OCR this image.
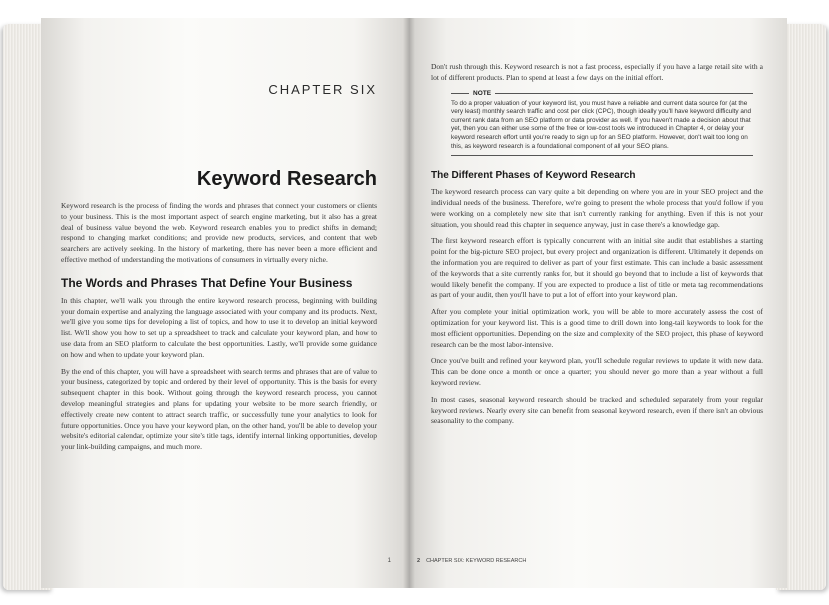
CHAPTER SIX
Keyword Research

Keyword research is the process of finding the words and phrases that connect your customers or clients to your business. This is the most important aspect of search engine marketing, but it also has a great deal of business value beyond the web. Keyword research enables you to predict shifts in demand; respond to changing market conditions; and provide new products, services, and content that web searchers are actively seeking. In the history of marketing, there has never been a more efficient and effective method of understanding the motivations of consumers in virtually every niche.

The Words and Phrases That Define Your Business

In this chapter, we'll walk you through the entire keyword research process, beginning with building your domain expertise and analyzing the language associated with your company and its products. Next, we'll give you some tips for developing a list of topics, and how to use it to develop an initial keyword list. We'll show you how to set up a spreadsheet to track and calculate your keyword plan, and how to use data from an SEO platform to calculate the best opportunities. Lastly, we'll provide some guidance on how and when to update your keyword plan.

By the end of this chapter, you will have a spreadsheet with search terms and phrases that are of value to your business, categorized by topic and ordered by their level of opportunity. This is the basis for every subsequent chapter in this book. Without going through the keyword research process, you cannot develop meaningful strategies and plans for updating your website to be more search friendly, or effectively create new content to attract search traffic, or successfully tune your analytics to look for future opportunities. Once you have your keyword plan, on the other hand, you'll be able to develop your website's editorial calendar, optimize your site's title tags, identify internal linking opportunities, develop your link-building campaigns, and much more.

1

Don't rush through this. Keyword research is not a fast process, especially if you have a large retail site with a lot of different products. Plan to spend at least a few days on the initial effort.

NOTE

To do a proper valuation of your keyword list, you must have a reliable and current data source for (at the very least) monthly search traffic and cost per click (CPC), though ideally you'll have keyword difficulty and current rank data from an SEO platform or data provider as well. If you haven't made a decision about that yet, then you can either use some of the free or low-cost tools we introduced in Chapter 4, or delay your keyword research effort until you're ready to sign up for an SEO platform. However, don't wait too long on this, as keyword research is a foundational component of all your SEO plans.

The Different Phases of Keyword Research

The keyword research process can vary quite a bit depending on where you are in your SEO project and the individual needs of the business. Therefore, we're going to present the whole process that you'd follow if you were working on a completely new site that isn't currently ranking for anything. Even if this is not your situation, you should read this chapter in sequence anyway, just in case there's a knowledge gap.

The first keyword research effort is typically concurrent with an initial site audit that establishes a starting point for the big-picture SEO project, but every project and organization is different. Ultimately it depends on the information you are required to deliver as part of your first estimate. This can include a basic assessment of the keywords that a site currently ranks for, but it should go beyond that to include a list of keywords that would likely benefit the company. If you are expected to produce a list of title or meta tag recommendations as part of your audit, then you'll have to put a lot of effort into your keyword plan.

After you complete your initial optimization work, you will be able to more accurately assess the cost of optimization for your keyword list. This is a good time to drill down into long-tail keywords to look for the most efficient opportunities. Depending on the size and complexity of the SEO project, this phase of keyword research can be the most labor-intensive.

Once you've built and refined your keyword plan, you'll schedule regular reviews to update it with new data. This can be done once a month or once a quarter; you should never go more than a year without a full keyword review.

In most cases, seasonal keyword research should be tracked and scheduled separately from your regular keyword reviews. Nearly every site can benefit from seasonal keyword research, even if there isn't an obvious seasonality to the company.

2 CHAPTER SIX: KEYWORD RESEARCH
